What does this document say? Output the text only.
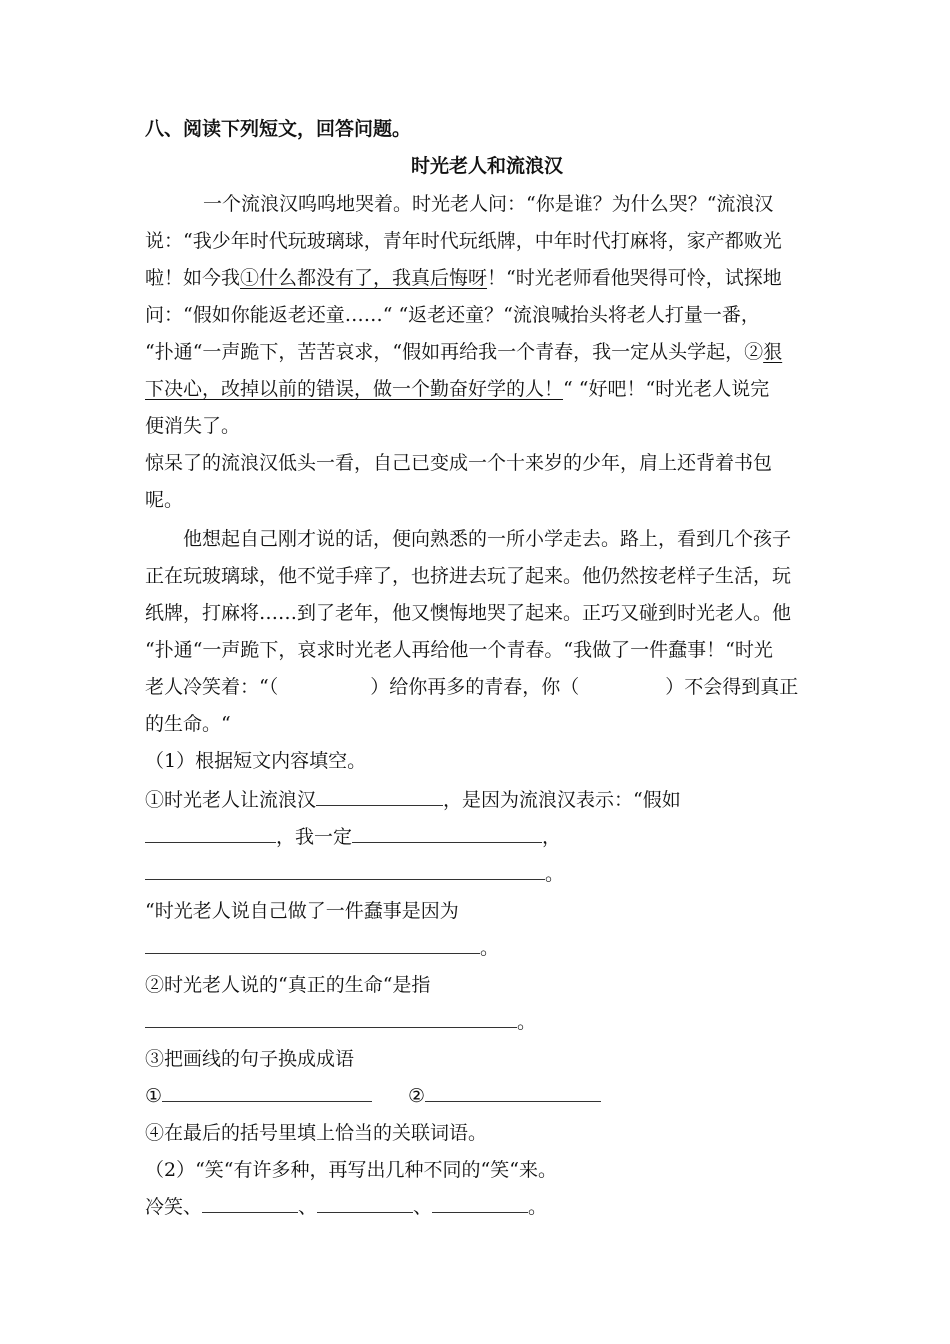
八、阅读下列短文，回答问题。
时光老人和流浪汉
一个流浪汉呜呜地哭着。时光老人问：“你是谁？为什么哭？“流浪汉
说：“我少年时代玩玻璃球，青年时代玩纸牌，中年时代打麻将，家产都败光
啦！如今我①什么都没有了，我真后悔呀！“时光老师看他哭得可怜，试探地
问：“假如你能返老还童……“ “返老还童？“流浪喊抬头将老人打量一番，
“扑通“一声跪下，苦苦哀求，“假如再给我一个青春，我一定从头学起，②狠
下决心，改掉以前的错误，做一个勤奋好学的人！“ “好吧！“时光老人说完
便消失了。
惊呆了的流浪汉低头一看，自己已变成一个十来岁的少年，肩上还背着书包
呢。
他想起自己刚才说的话，便向熟悉的一所小学走去。路上，看到几个孩子
正在玩玻璃球，他不觉手痒了，也挤进去玩了起来。他仍然按老样子生活，玩
纸牌，打麻将……到了老年，他又懊悔地哭了起来。正巧又碰到时光老人。他
“扑通“一声跪下，哀求时光老人再给他一个青春。“我做了一件蠢事！“时光
老人冷笑着：“（	）给你再多的青春，你（	）不会得到真正
的生命。“
（1）根据短文内容填空。
①时光老人让流浪汉	，是因为流浪汉表示：“假如
，我一定	，
。
“时光老人说自己做了一件蠢事是因为
。
②时光老人说的“真正的生命“是指
。
③把画线的句子换成成语
①	②
④在最后的括号里填上恰当的关联词语。
（2）“笑“有许多种，再写出几种不同的“笑“来。
冷笑、	、	、	。
